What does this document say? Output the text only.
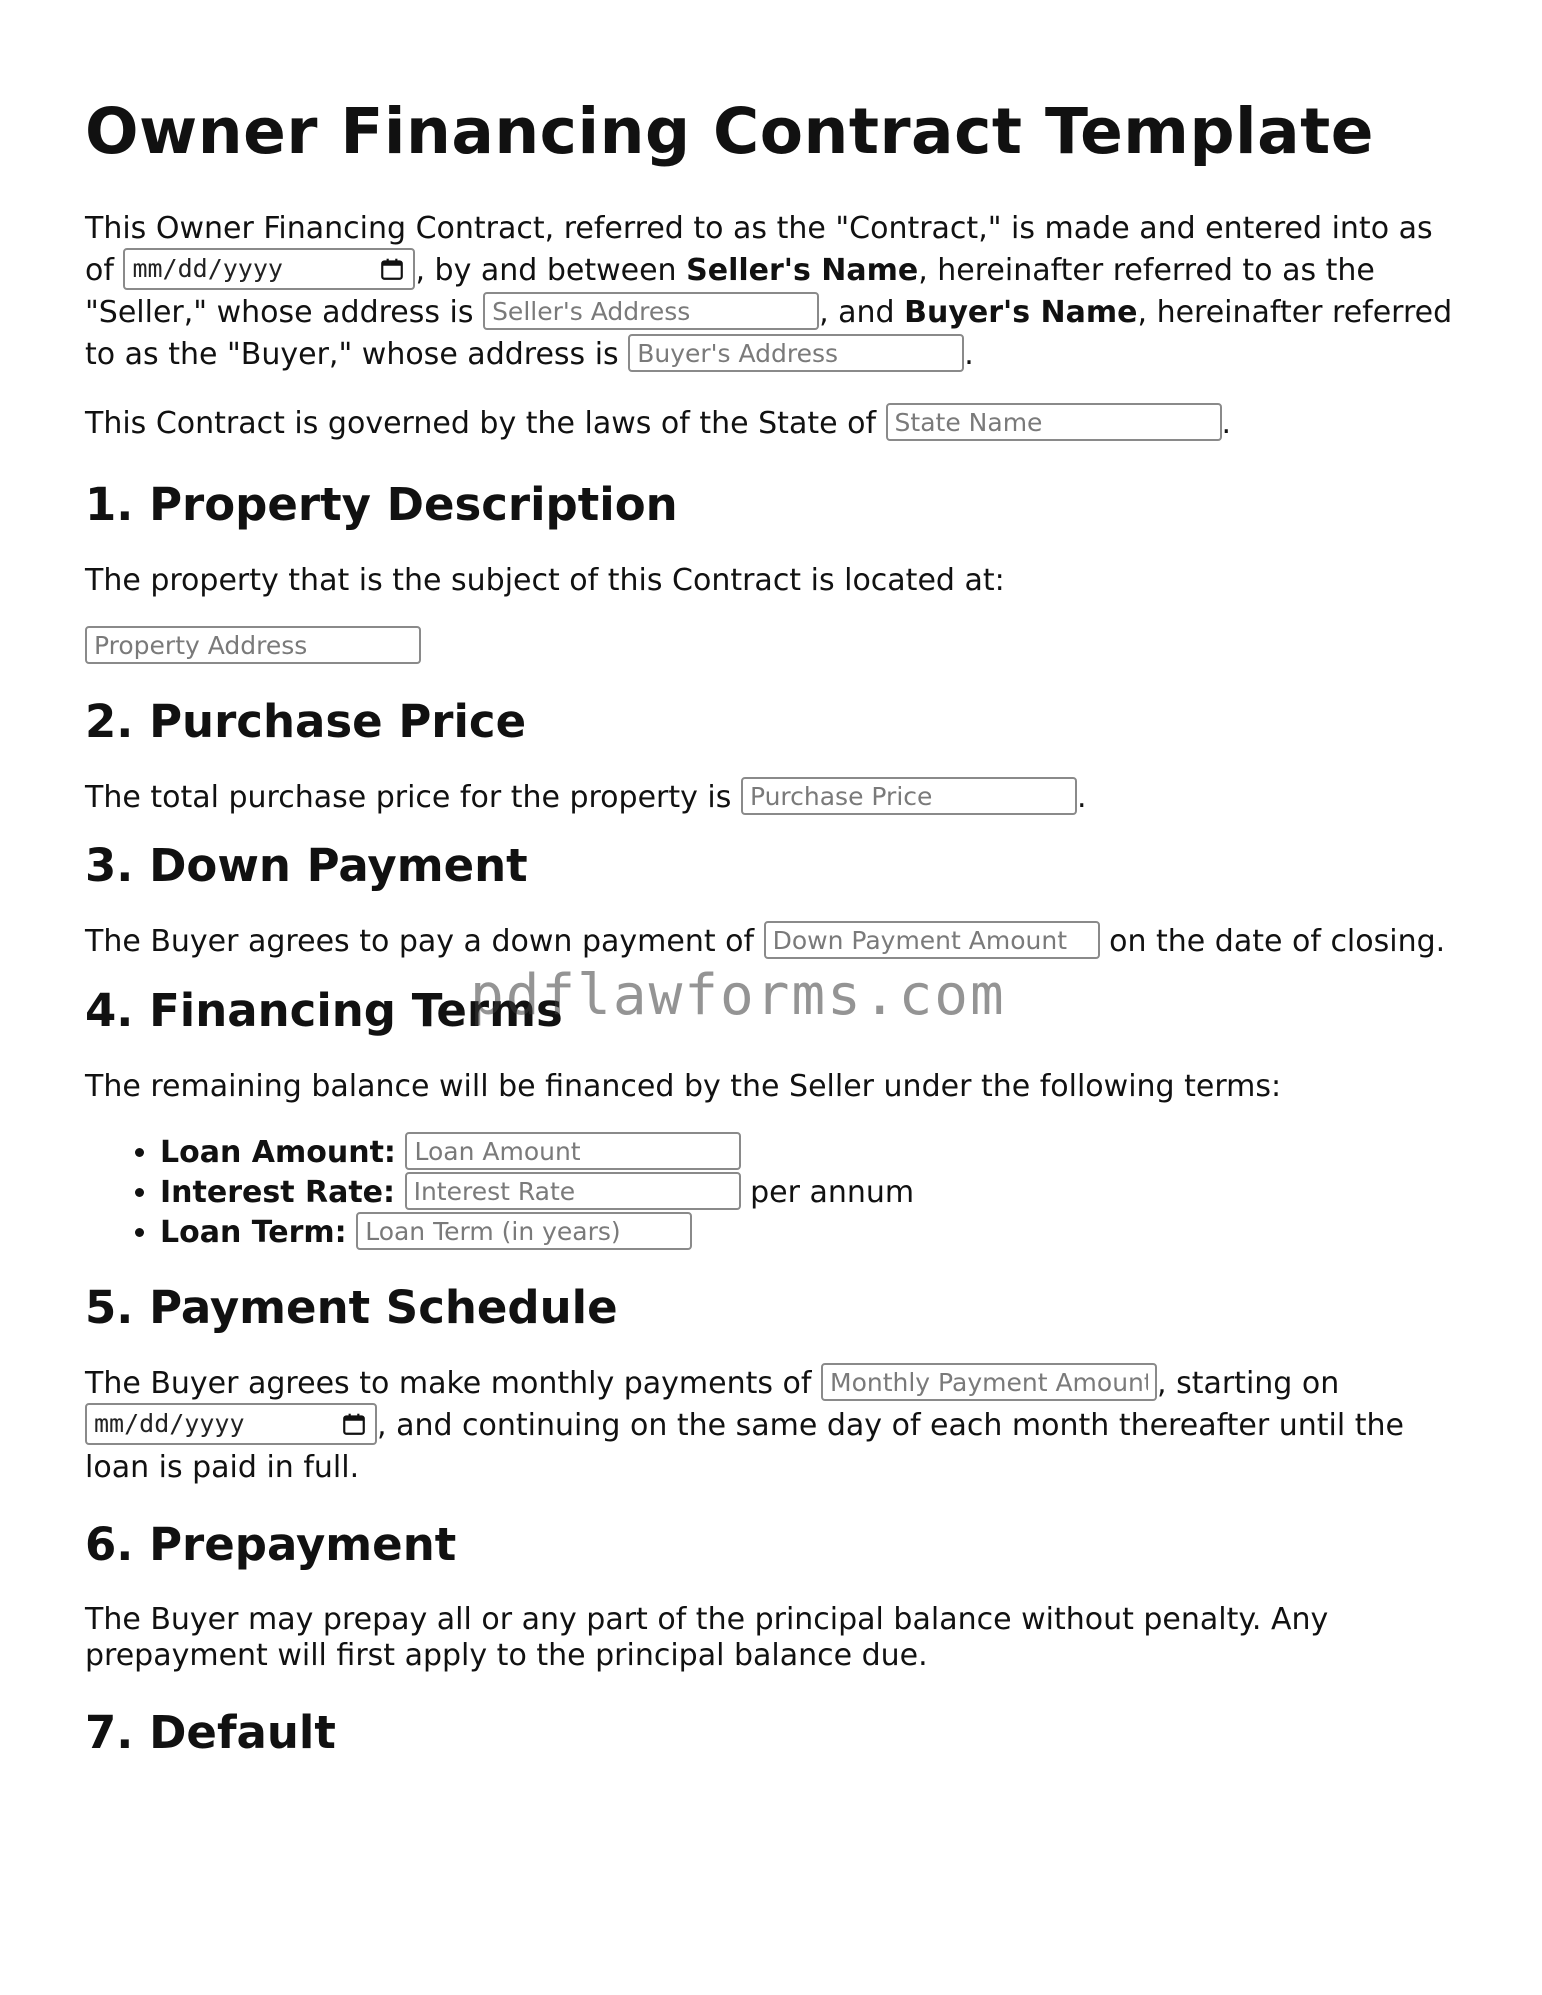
Owner Financing Contract Template

This Owner Financing Contract, referred to as the "Contract," is made and entered into as of mm/dd/yyyy	, by and between Seller's Name, hereinafter referred to as the "Seller," whose address is Seller's Address	, and Buyer's Name, hereinafter referred to as the "Buyer," whose address is Buyer's Address	.

This Contract is governed by the laws of the State of State Name	.

1. Property Description

The property that is the subject of this Contract is located at:

Property Address

2. Purchase Price

The total purchase price for the property is Purchase Price	.

3. Down Payment

The Buyer agrees to pay a down payment of Down Payment Amount	on the date of closing.

4. Financing Terms

The remaining balance will be financed by the Seller under the following terms:

• Loan Amount: Loan Amount
• Interest Rate: Interest Rate	per annum
• Loan Term: Loan Term (in years)
5. Payment Schedule

The Buyer agrees to make monthly payments of Monthly Payment Amount	, starting on
mm/dd/yyyy	, and continuing on the same day of each month thereafter until the loan is paid in full.

6. Prepayment

The Buyer may prepay all or any part of the principal balance without penalty. Any prepayment will first apply to the principal balance due.

7. Default
pdflawforms.com
